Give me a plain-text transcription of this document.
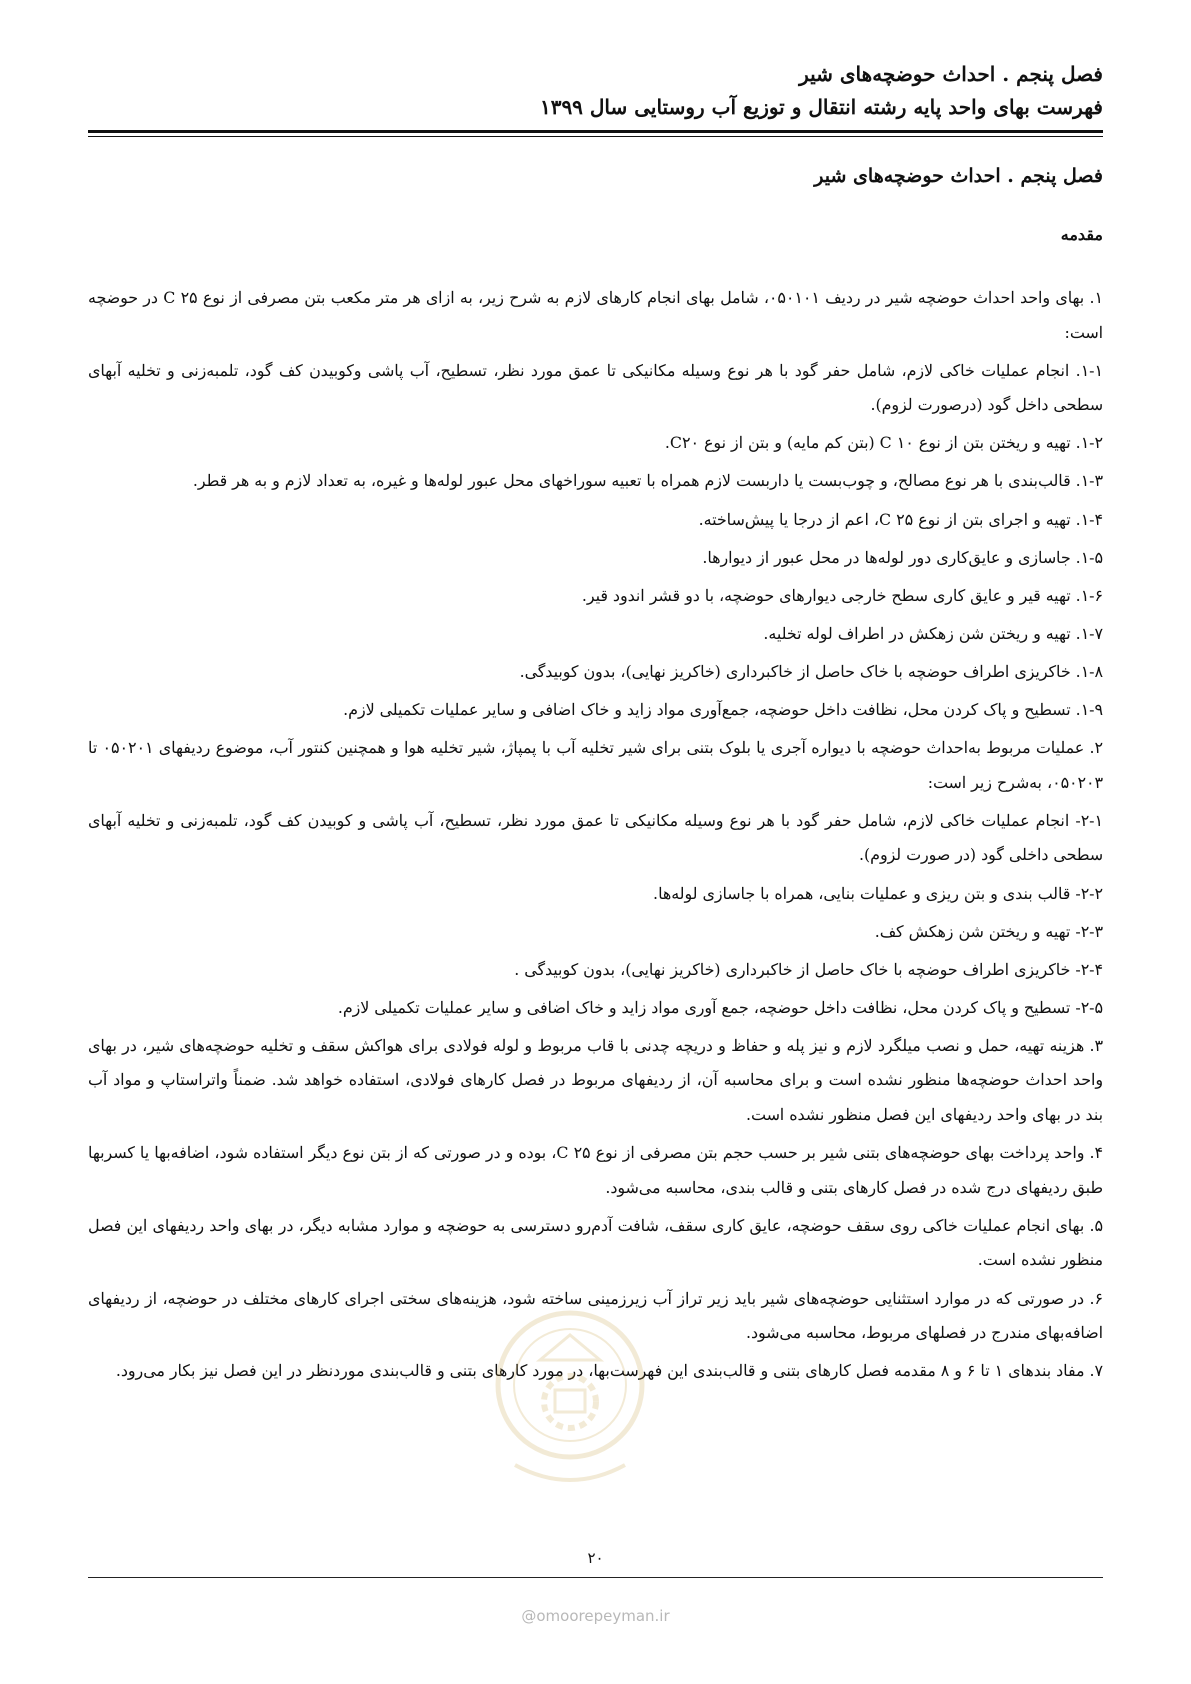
فصل پنجم . احداث حوضچه‌های شیر
فهرست بهای واحد پایه رشته انتقال و توزیع آب روستایی سال ۱۳۹۹
فصل پنجم . احداث حوضچه‌های شیر
مقدمه

۱. بهای واحد احداث حوضچه شیر در ردیف ۰۵۰۱۰۱، شامل بهای انجام کارهای لازم به شرح زیر، به ازای هر متر مکعب بتن مصرفی از نوع C ۲۵ در حوضچه است:

۱-۱. انجام عملیات خاکی لازم، شامل حفر گود با هر نوع وسیله مکانیکی تا عمق مورد نظر، تسطیح، آب پاشی وکوبیدن کف گود، تلمبه‌زنی و تخلیه آبهای سطحی داخل گود (درصورت لزوم).

۱-۲. تهیه و ریختن بتن از نوع ۱۰ C (بتن کم مایه) و بتن از نوع C۲۰.

۱-۳. قالب‌بندی با هر نوع مصالح، و چوب‌بست یا داربست لازم همراه با تعبیه سوراخهای محل عبور لوله‌ها و غیره، به تعداد لازم و به هر قطر.

۱-۴. تهیه و اجرای بتن از نوع ۲۵ C، اعم از درجا یا پیش‌ساخته.

۱-۵. جاسازی و عایق‌کاری دور لوله‌ها در محل عبور از دیوارها.

۱-۶. تهیه قیر و عایق کاری سطح خارجی دیوارهای حوضچه، با دو قشر اندود قیر.

۱-۷. تهیه و ریختن شن زهکش در اطراف لوله تخلیه.

۱-۸. خاکریزی اطراف حوضچه با خاک حاصل از خاکبرداری (خاکریز نهایی)، بدون کوبیدگی.

۱-۹. تسطیح و پاک کردن محل، نظافت داخل حوضچه، جمع‌آوری مواد زاید و خاک اضافی و سایر عملیات تکمیلی لازم.

۲. عملیات مربوط به‌احداث حوضچه با دیواره آجری یا بلوک بتنی برای شیر تخلیه آب با پمپاژ، شیر تخلیه هوا و همچنین کنتور آب، موضوع ردیفهای ۰۵۰۲۰۱ تا ۰۵۰۲۰۳، به‌شرح زیر است:

۲-۱- انجام عملیات خاکی لازم، شامل حفر گود با هر نوع وسیله مکانیکی تا عمق مورد نظر، تسطیح، آب پاشی و کوبیدن کف گود، تلمبه‌زنی و تخلیه آبهای سطحی داخلی گود (در صورت لزوم).

۲-۲- قالب بندی و بتن ریزی و عملیات بنایی، همراه با جاسازی لوله‌ها.

۲-۳- تهیه و ریختن شن زهکش کف.

۲-۴- خاکریزی اطراف حوضچه با خاک حاصل از خاکبرداری (خاکریز نهایی)، بدون کوبیدگی .

۲-۵- تسطیح و پاک کردن محل، نظافت داخل حوضچه، جمع آوری مواد زاید و خاک اضافی و سایر عملیات تکمیلی لازم.

۳. هزینه تهیه، حمل و نصب میلگرد لازم و نیز پله و حفاظ و دریچه چدنی با قاب مربوط و لوله فولادی برای هواکش سقف و تخلیه حوضچه‌های شیر، در بهای واحد احداث حوضچه‌ها منظور نشده است و برای محاسبه آن، از ردیفهای مربوط در فصل کارهای فولادی، استفاده خواهد شد. ضمناً واتراستاپ و مواد آب بند در بهای واحد ردیفهای این فصل منظور نشده است.

۴. واحد پرداخت بهای حوضچه‌های بتنی شیر بر حسب حجم بتن مصرفی از نوع ۲۵ C، بوده و در صورتی که از بتن نوع دیگر استفاده شود، اضافه‌بها یا کسربها طبق ردیفهای درج شده در فصل کارهای بتنی و قالب بندی، محاسبه می‌شود.

۵. بهای انجام عملیات خاکی روی سقف حوضچه، عایق کاری سقف، شافت آدم‌رو دسترسی به حوضچه و موارد مشابه دیگر، در بهای واحد ردیفهای این فصل منظور نشده است.

۶. در صورتی که در موارد استثنایی حوضچه‌های شیر باید زیر تراز آب زیرزمینی ساخته شود، هزینه‌های سختی اجرای کارهای مختلف در حوضچه، از ردیفهای اضافه‌بهای مندرج در فصلهای مربوط، محاسبه می‌شود.

۷. مفاد بندهای ۱ تا ۶ و ۸ مقدمه فصل کارهای بتنی و قالب‌بندی این فهرست‌بها، در مورد کارهای بتنی و قالب‌بندی موردنظر در این فصل نیز بکار می‌رود.

۲۰
@omoorepeyman.ir
